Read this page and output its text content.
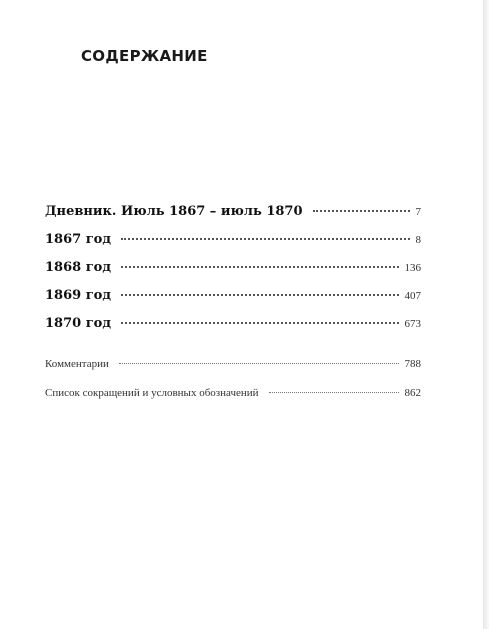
СОДЕРЖАНИЕ
Дневник. Июль 1867 – июль 1870	7
1867 год	8
1868 год	136
1869 год	407
1870 год	673
Комментарии	788
Список сокращений и условных обозначений	862
